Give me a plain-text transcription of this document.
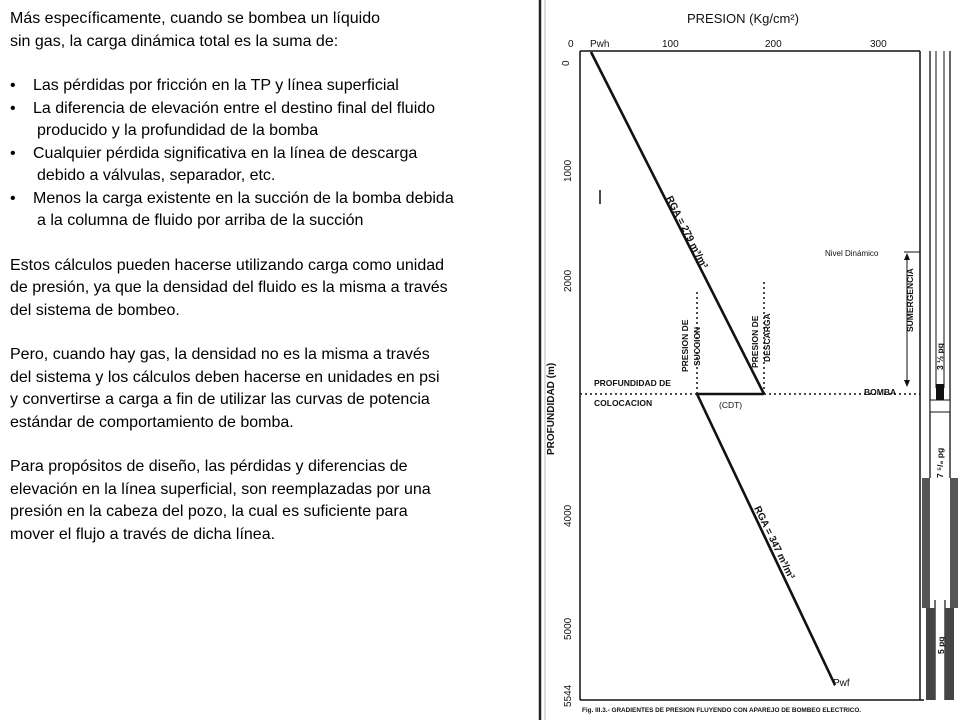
Más específicamente, cuando se bombea un líquido

sin gas, la carga dinámica total es la suma de:

• Las pérdidas por fricción en la TP y línea superficial
• La diferencia de elevación entre el destino final del fluido
producido y la profundidad de la bomba
• Cualquier pérdida significativa en la línea de descarga
debido a válvulas, separador, etc.
• Menos la carga existente en la succión de la bomba debida
a la columna de fluido por arriba de la succión

Estos cálculos pueden hacerse utilizando carga como unidad

de presión, ya que la densidad del fluido es la misma a través

del sistema de bombeo.

Pero, cuando hay gas, la densidad no es la misma a través

del sistema y los cálculos deben hacerse en unidades en psi

y convertirse a carga a fin de utilizar las curvas de potencia

estándar de comportamiento de bomba.

Para propósitos de diseño, las pérdidas y diferencias de

elevación en la línea superficial, son reemplazadas por una

presión en la cabeza del pozo, la cual es suficiente para

mover el flujo a través de dicha línea.

PRESION (Kg/cm²)
0	100	200	300
Pwh
0
1000
2000
4000
5000
5544
PROFUNDIDAD (m)
RGA = 279 m³/m³
RGA = 347 m³/m³
PRESION DE SUCCION	PRESION DE DESCARGA
PROFUNDIDAD DE
COLOCACION	(CDT)
Nivel Dinámico
BOMBA
SUMERGENCIA
3 ½ pg
7 ⁵/₈ pg
5 pg
Pwf
Fig. III.3.- GRADIENTES DE PRESION FLUYENDO CON APAREJO DE BOMBEO ELECTRICO.
